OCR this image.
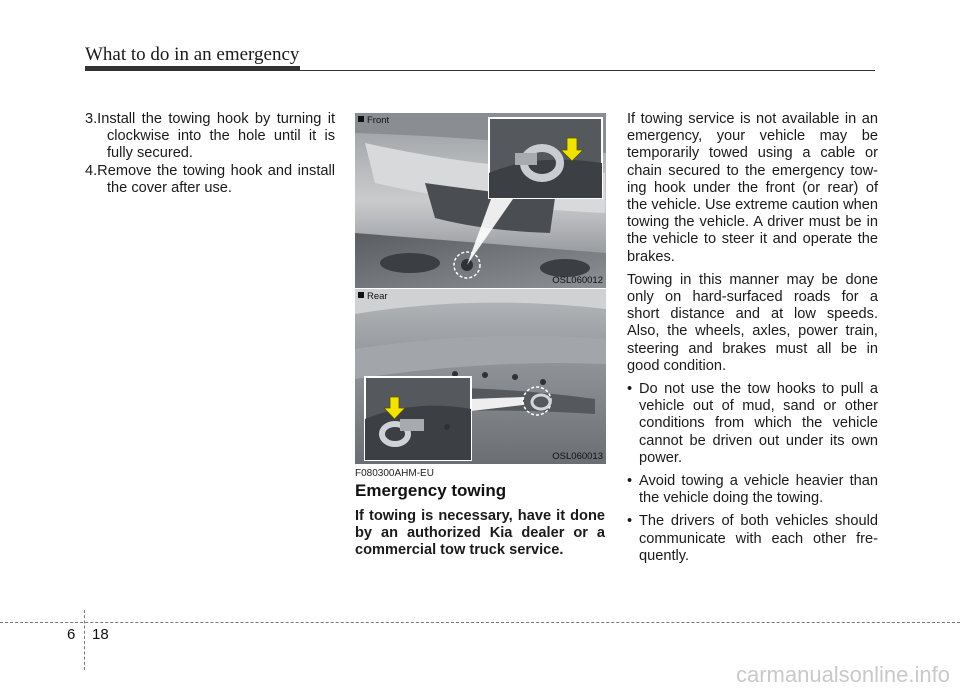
What to do in an emergency

3.Install the towing hook by turning it clockwise into the hole until it is fully secured.

4.Remove the towing hook and install the cover after use.

Front
OSL060012
Rear
OSL060013
F080300AHM-EU
Emergency towing
If towing is necessary, have it done by an authorized Kia dealer or a commercial tow truck service.

If towing service is not available in an emergency, your vehicle may be temporarily towed using a cable or chain secured to the emergency tow-ing hook under the front (or rear) of the vehicle. Use extreme caution when towing the vehicle. A driver must be in the vehicle to steer it and operate the brakes.

Towing in this manner may be done only on hard-surfaced roads for a short distance and at low speeds. Also, the wheels, axles, power train, steering and brakes must all be in good condition.

• Do not use the tow hooks to pull a vehicle out of mud, sand or other conditions from which the vehicle cannot be driven out under its own power.
• Avoid towing a vehicle heavier than the vehicle doing the towing.
• The drivers of both vehicles should communicate with each other fre-quently.
6 18
carmanualsonline.info
